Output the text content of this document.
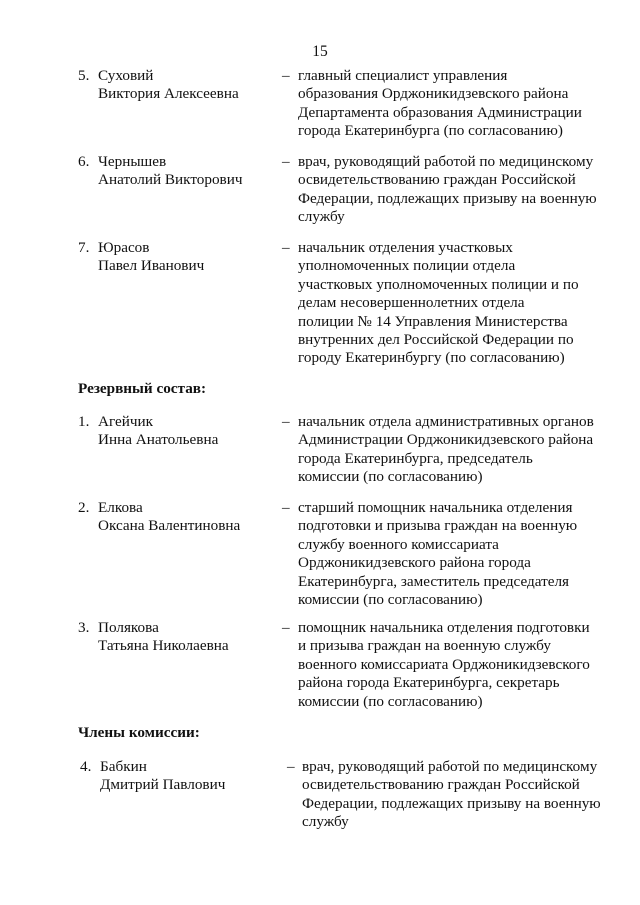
15
5. Суховий
Виктория Алексеевна
– главный специалист управления
образования Орджоникидзевского района
Департамента образования Администрации
города Екатеринбурга (по согласованию)
6. Чернышев
Анатолий Викторович
– врач, руководящий работой по медицинскому
освидетельствованию граждан Российской
Федерации, подлежащих призыву на военную
службу
7. Юрасов
Павел Иванович
– начальник отделения участковых
уполномоченных полиции отдела
участковых уполномоченных полиции и по
делам несовершеннолетних отдела
полиции № 14 Управления Министерства
внутренних дел Российской Федерации по
городу Екатеринбургу (по согласованию)
Резервный состав:
1. Агейчик
Инна Анатольевна
– начальник отдела административных органов
Администрации Орджоникидзевского района
города Екатеринбурга, председатель
комиссии (по согласованию)
2. Елкова
Оксана Валентиновна
– старший помощник начальника отделения
подготовки и призыва граждан на военную
службу военного комиссариата
Орджоникидзевского района города
Екатеринбурга, заместитель председателя
комиссии (по согласованию)
3. Полякова
Татьяна Николаевна
– помощник начальника отделения подготовки
и призыва граждан на военную службу
военного комиссариата Орджоникидзевского
района города Екатеринбурга, секретарь
комиссии (по согласованию)
Члены комиссии:
4. Бабкин
Дмитрий Павлович
– врач, руководящий работой по медицинскому
освидетельствованию граждан Российской
Федерации, подлежащих призыву на военную
службу
